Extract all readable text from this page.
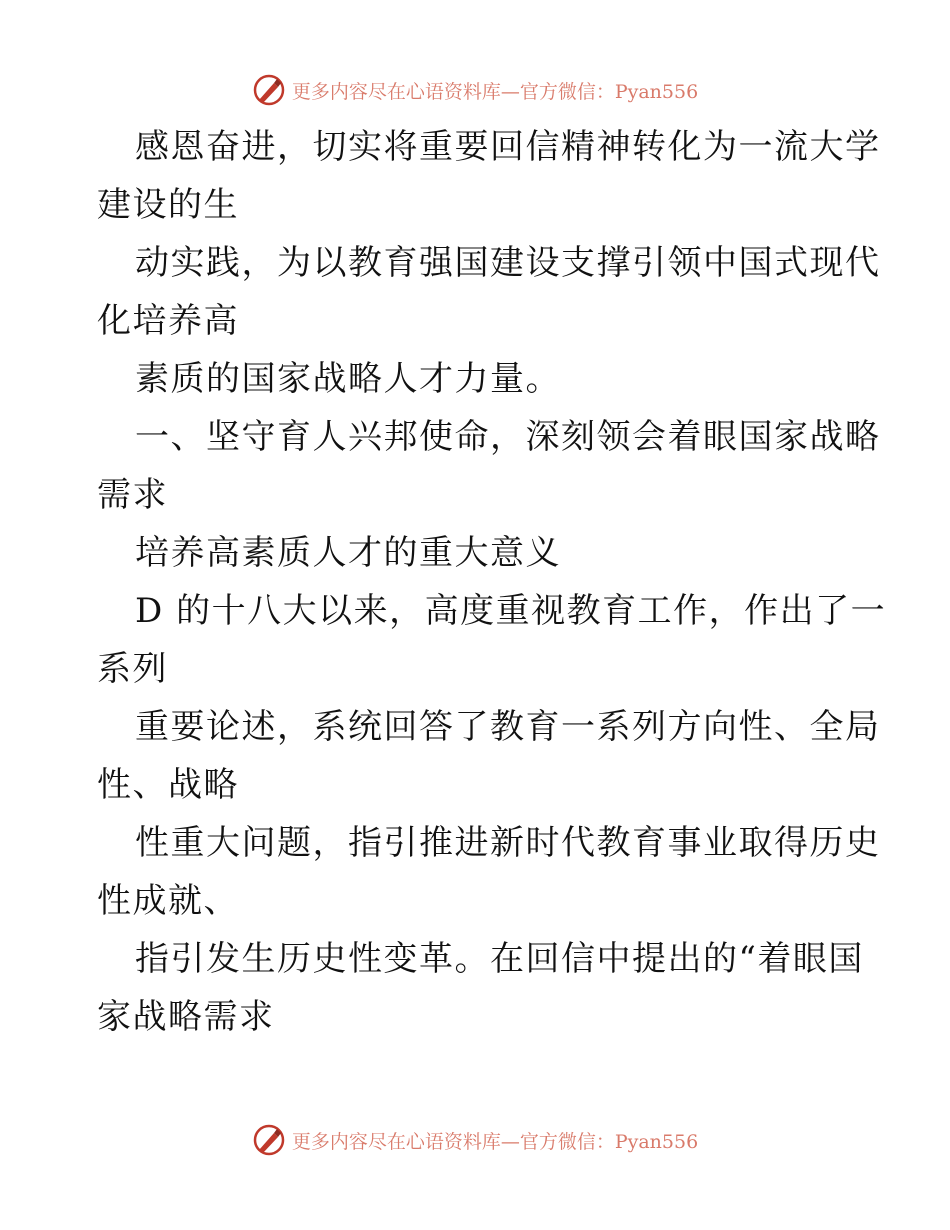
更多内容尽在心语资料库—官方微信：Pyan556
感恩奋进，切实将重要回信精神转化为一流大学
建设的生
动实践，为以教育强国建设支撑引领中国式现代
化培养高
素质的国家战略人才力量。
一、坚守育人兴邦使命，深刻领会着眼国家战略
需求
培养高素质人才的重大意义
D 的十八大以来，高度重视教育工作，作出了一
系列
重要论述，系统回答了教育一系列方向性、全局
性、战略
性重大问题，指引推进新时代教育事业取得历史
性成就、
指引发生历史性变革。在回信中提出的“着眼国
家战略需求
更多内容尽在心语资料库—官方微信：Pyan556
